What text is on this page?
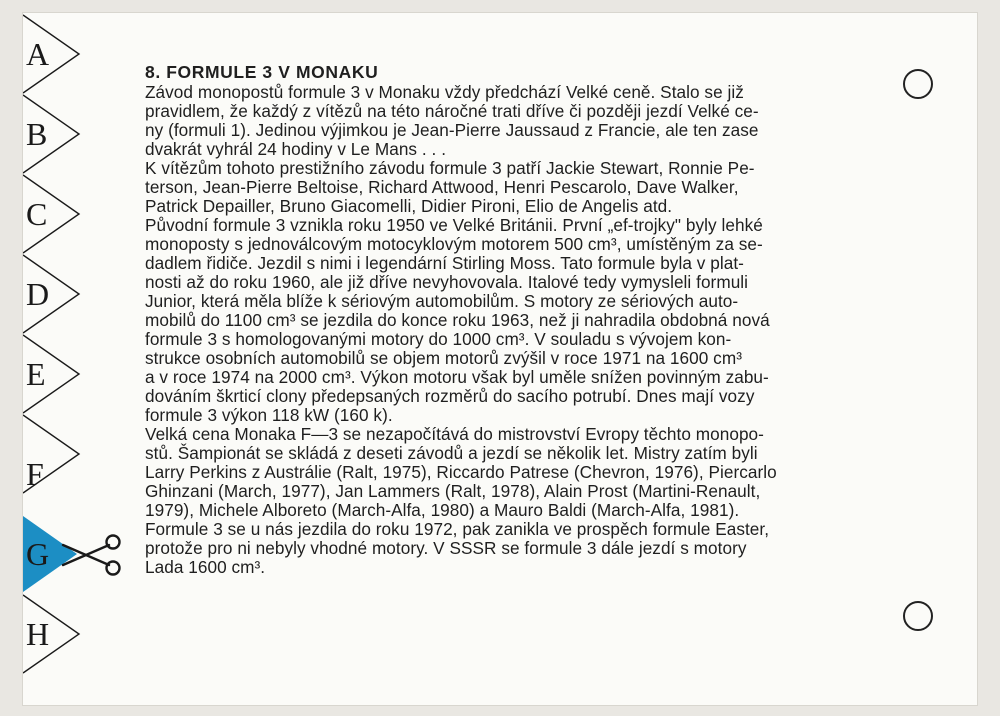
A
B
C
D
E
F
G
H
8. FORMULE 3 V MONAKU

Závod monopostů formule 3 v Monaku vždy předchází Velké ceně. Stalo se již
pravidlem, že každý z vítězů na této náročné trati dříve či později jezdí Velké ce-
ny (formuli 1). Jedinou výjimkou je Jean-Pierre Jaussaud z Francie, ale ten zase
dvakrát vyhrál 24 hodiny v Le Mans . . .

K vítězům tohoto prestižního závodu formule 3 patří Jackie Stewart, Ronnie Pe-
terson, Jean-Pierre Beltoise, Richard Attwood, Henri Pescarolo, Dave Walker,
Patrick Depailler, Bruno Giacomelli, Didier Pironi, Elio de Angelis atd.

Původní formule 3 vznikla roku 1950 ve Velké Británii. První „ef-trojky" byly lehké
monoposty s jednoválcovým motocyklovým motorem 500 cm³, umístěným za se-
dadlem řidiče. Jezdil s nimi i legendární Stirling Moss. Tato formule byla v plat-
nosti až do roku 1960, ale již dříve nevyhovovala. Italové tedy vymysleli formuli
Junior, která měla blíže k sériovým automobilům. S motory ze sériových auto-
mobilů do 1100 cm³ se jezdila do konce roku 1963, než ji nahradila obdobná nová
formule 3 s homologovanými motory do 1000 cm³. V souladu s vývojem kon-
strukce osobních automobilů se objem motorů zvýšil v roce 1971 na 1600 cm³
a v roce 1974 na 2000 cm³. Výkon motoru však byl uměle snížen povinným zabu-
dováním škrticí clony předepsaných rozměrů do sacího potrubí. Dnes mají vozy
formule 3 výkon 118 kW (160 k).

Velká cena Monaka F—3 se nezapočítává do mistrovství Evropy těchto monopo-
stů. Šampionát se skládá z deseti závodů a jezdí se několik let. Mistry zatím byli
Larry Perkins z Austrálie (Ralt, 1975), Riccardo Patrese (Chevron, 1976), Piercarlo
Ghinzani (March, 1977), Jan Lammers (Ralt, 1978), Alain Prost (Martini-Renault,
1979), Michele Alboreto (March-Alfa, 1980) a Mauro Baldi (March-Alfa, 1981).

Formule 3 se u nás jezdila do roku 1972, pak zanikla ve prospěch formule Easter,
protože pro ni nebyly vhodné motory. V SSSR se formule 3 dále jezdí s motory
Lada 1600 cm³.
